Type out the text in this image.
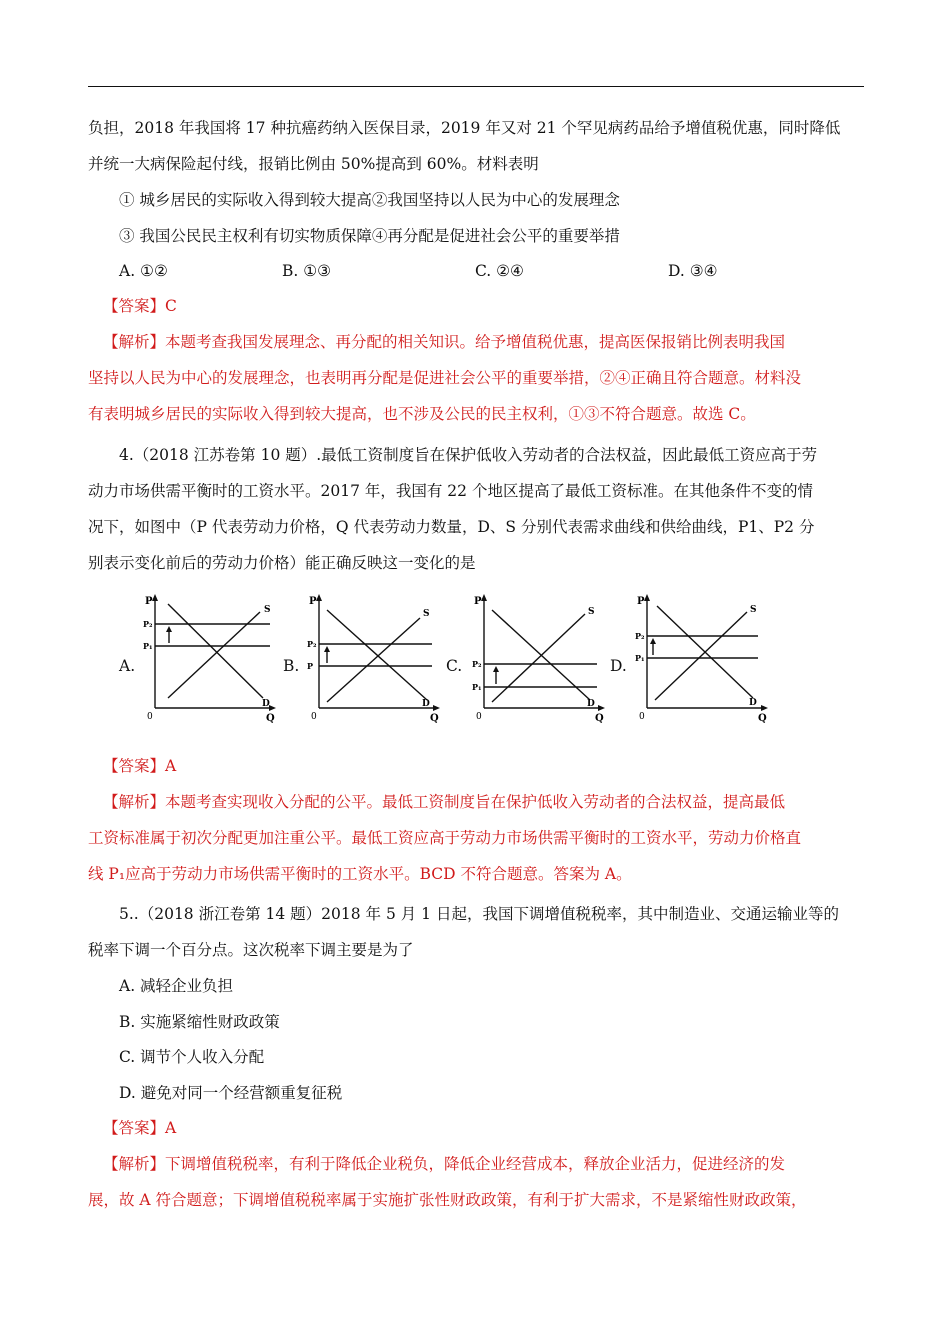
负担，2018 年我国将 17 种抗癌药纳入医保目录，2019 年又对 21 个罕见病药品给予增值税优惠，同时降低
并统一大病保险起付线，报销比例由 50%提高到 60%。材料表明
① 城乡居民的实际收入得到较大提高②我国坚持以人民为中心的发展理念
③ 我国公民民主权利有切实物质保障④再分配是促进社会公平的重要举措
A. ①②	B. ①③	C. ②④	D. ③④
【答案】C
【解析】本题考查我国发展理念、再分配的相关知识。给予增值税优惠，提高医保报销比例表明我国
坚持以人民为中心的发展理念，也表明再分配是促进社会公平的重要举措，②④正确且符合题意。材料没
有表明城乡居民的实际收入得到较大提高，也不涉及公民的民主权利，①③不符合题意。故选 C。
4.（2018 江苏卷第 10 题）.最低工资制度旨在保护低收入劳动者的合法权益，因此最低工资应高于劳
动力市场供需平衡时的工资水平。2017 年，我国有 22 个地区提高了最低工资标准。在其他条件不变的情
况下，如图中（P 代表劳动力价格，Q 代表劳动力数量，D、S 分别代表需求曲线和供给曲线，P1、P2 分
别表示变化前后的劳动力价格）能正确反映这一变化的是
A.
P
Q
0
S
D
P₂
P₁
B.
P
Q
0
S
D
P₂
P	C.
P
Q
0
S
D
P₂
P₁
D.
P
Q
0
S
D
P₂
P₁
【答案】A
【解析】本题考查实现收入分配的公平。最低工资制度旨在保护低收入劳动者的合法权益，提高最低
工资标准属于初次分配更加注重公平。最低工资应高于劳动力市场供需平衡时的工资水平，劳动力价格直
线 P₁应高于劳动力市场供需平衡时的工资水平。BCD 不符合题意。答案为 A。
5..（2018 浙江卷第 14 题）2018 年 5 月 1 日起，我国下调增值税税率，其中制造业、交通运输业等的
税率下调一个百分点。这次税率下调主要是为了
A. 减轻企业负担
B. 实施紧缩性财政政策
C. 调节个人收入分配
D. 避免对同一个经营额重复征税
【答案】A
【解析】下调增值税税率，有利于降低企业税负，降低企业经营成本，释放企业活力，促进经济的发
展，故 A 符合题意；下调增值税税率属于实施扩张性财政政策，有利于扩大需求，不是紧缩性财政政策，
